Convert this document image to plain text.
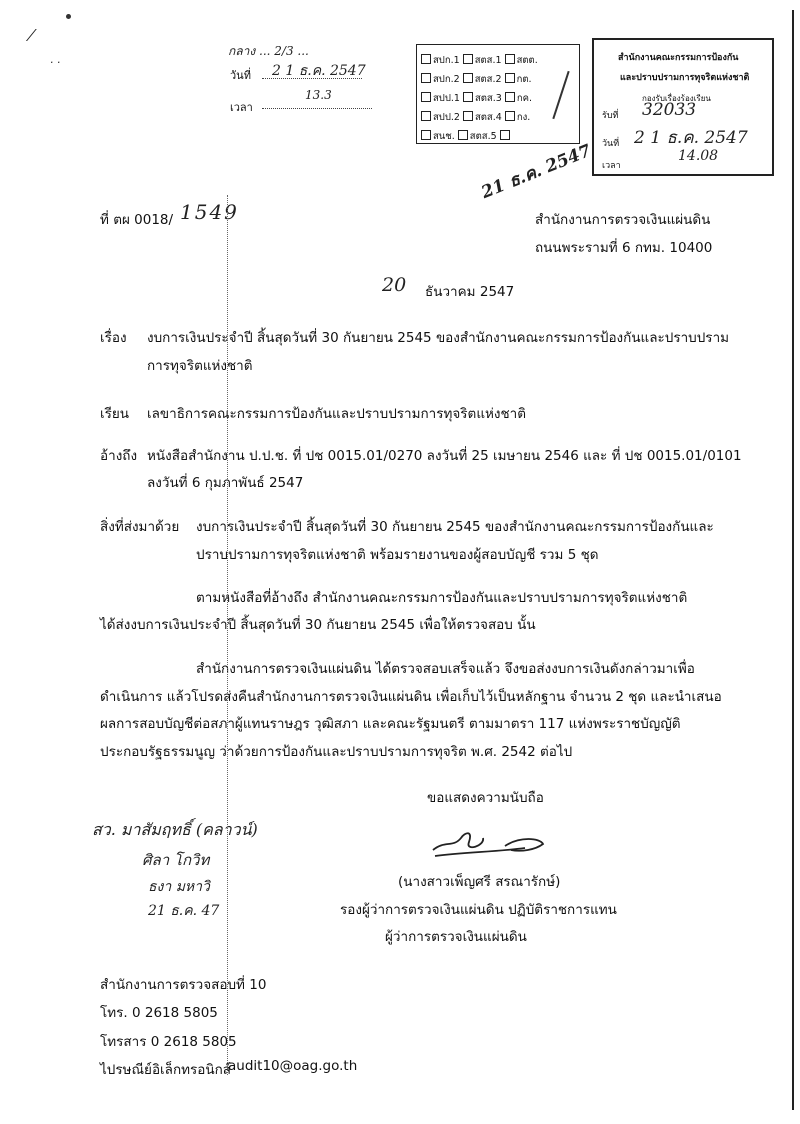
⁄
· ·
กลาง ... 2/3 ...
วันที่ 2 1 ธ.ค. 2547
เวลา
13.3
สปก.1 สตส.1 สตต.
สปก.2 สตส.2 กต.
สปป.1 สตส.3 กค.
สปป.2 สตส.4 กง.
สนช. สตส.5
21 ธ.ค. 2547
สำนักงานคณะกรรมการป้องกัน
และปราบปรามการทุจริตแห่งชาติ
กองรับเรื่องร้องเรียน
รับที่ 32033
วันที่ 2 1 ธ.ค. 2547
เวลา
14.08
ที่ ตผ 0018/ 1549	สำนักงานการตรวจเงินแผ่นดิน
ถนนพระรามที่ 6 กทม. 10400
20 ธันวาคม 2547
เรื่อง งบการเงินประจำปี สิ้นสุดวันที่ 30 กันยายน 2545 ของสำนักงานคณะกรรมการป้องกันและปราบปราม
การทุจริตแห่งชาติ
เรียน เลขาธิการคณะกรรมการป้องกันและปราบปรามการทุจริตแห่งชาติ
อ้างถึง หนังสือสำนักงาน ป.ป.ช. ที่ ปช 0015.01/0270 ลงวันที่ 25 เมษายน 2546 และ ที่ ปช 0015.01/0101
ลงวันที่ 6 กุมภาพันธ์ 2547
สิ่งที่ส่งมาด้วย งบการเงินประจำปี สิ้นสุดวันที่ 30 กันยายน 2545 ของสำนักงานคณะกรรมการป้องกันและ
ปราบปรามการทุจริตแห่งชาติ พร้อมรายงานของผู้สอบบัญชี รวม 5 ชุด
ตามหนังสือที่อ้างถึง สำนักงานคณะกรรมการป้องกันและปราบปรามการทุจริตแห่งชาติ
ได้ส่งงบการเงินประจำปี สิ้นสุดวันที่ 30 กันยายน 2545 เพื่อให้ตรวจสอบ นั้น
สำนักงานการตรวจเงินแผ่นดิน ได้ตรวจสอบเสร็จแล้ว จึงขอส่งงบการเงินดังกล่าวมาเพื่อ
ดำเนินการ แล้วโปรดส่งคืนสำนักงานการตรวจเงินแผ่นดิน เพื่อเก็บไว้เป็นหลักฐาน จำนวน 2 ชุด และนำเสนอ
ผลการสอบบัญชีต่อสภาผู้แทนราษฎร วุฒิสภา และคณะรัฐมนตรี ตามมาตรา 117 แห่งพระราชบัญญัติ
ประกอบรัฐธรรมนูญ ว่าด้วยการป้องกันและปราบปรามการทุจริต พ.ศ. 2542 ต่อไป
ขอแสดงความนับถือ
สว. มาสัมฤทธิ์ (คลาวน์)
ศิลา โกวิท
ธงา มหาวิ
21 ธ.ค. 47
(นางสาวเพ็ญศรี สรณารักษ์)
รองผู้ว่าการตรวจเงินแผ่นดิน ปฏิบัติราชการแทน
ผู้ว่าการตรวจเงินแผ่นดิน
สำนักงานการตรวจสอบที่ 10
โทร. 0 2618 5805
โทรสาร 0 2618 5805
ไปรษณีย์อิเล็กทรอนิกส์
audit10@oag.go.th
